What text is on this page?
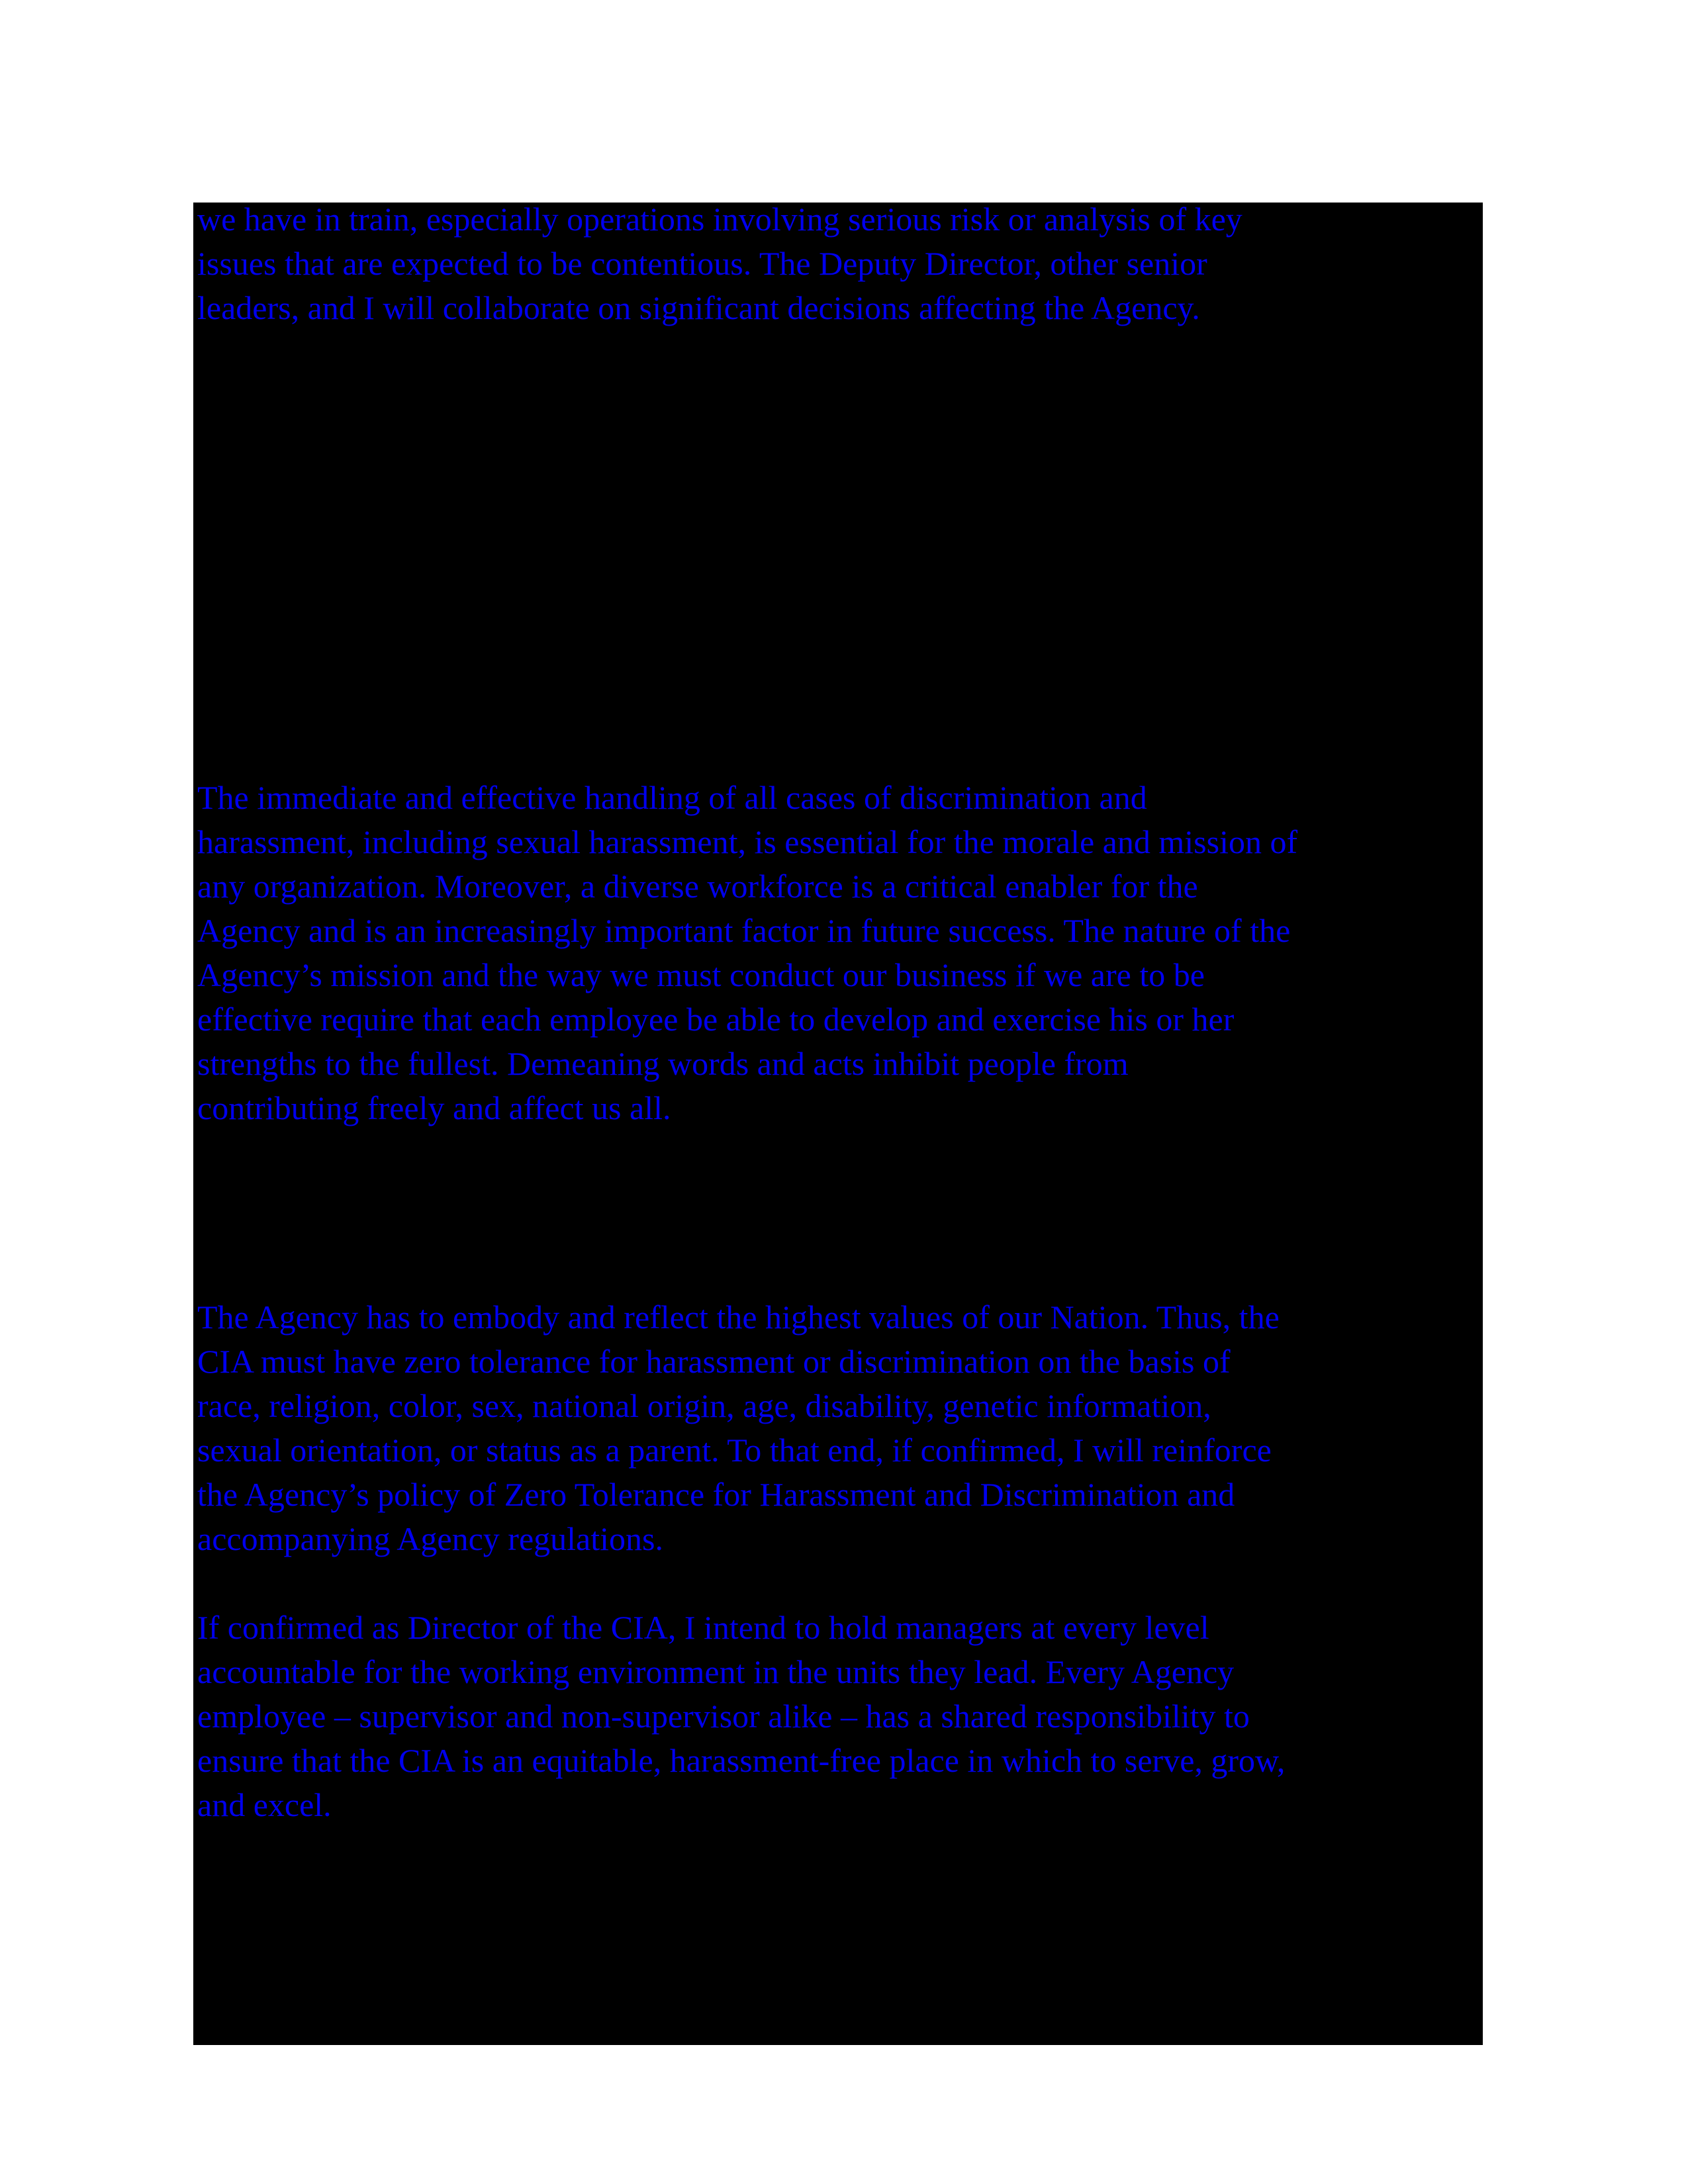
we have in train, especially operations involving serious risk or analysis of key
issues that are expected to be contentious. The Deputy Director, other senior
leaders, and I will collaborate on significant decisions affecting the Agency.

The immediate and effective handling of all cases of discrimination and
harassment, including sexual harassment, is essential for the morale and mission of
any organization. Moreover, a diverse workforce is a critical enabler for the
Agency and is an increasingly important factor in future success. The nature of the
Agency’s mission and the way we must conduct our business if we are to be
effective require that each employee be able to develop and exercise his or her
strengths to the fullest. Demeaning words and acts inhibit people from
contributing freely and affect us all.

The Agency has to embody and reflect the highest values of our Nation. Thus, the
CIA must have zero tolerance for harassment or discrimination on the basis of
race, religion, color, sex, national origin, age, disability, genetic information,
sexual orientation, or status as a parent. To that end, if confirmed, I will reinforce
the Agency’s policy of Zero Tolerance for Harassment and Discrimination and
accompanying Agency regulations.

If confirmed as Director of the CIA, I intend to hold managers at every level
accountable for the working environment in the units they lead. Every Agency
employee – supervisor and non-supervisor alike – has a shared responsibility to
ensure that the CIA is an equitable, harassment-free place in which to serve, grow,
and excel.
